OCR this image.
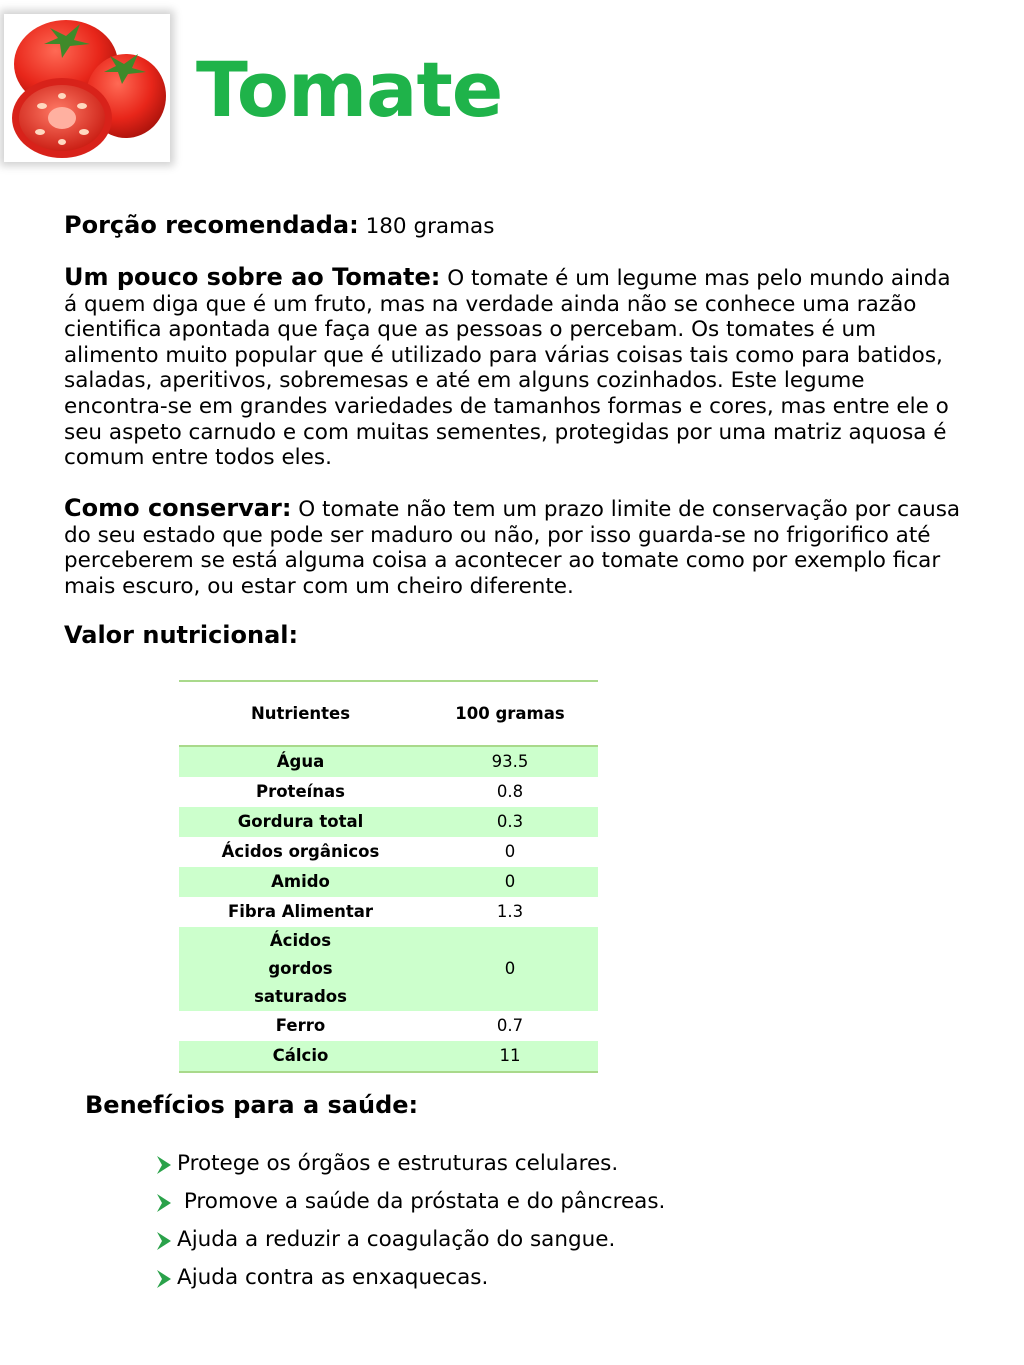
Tomate

Porção recomendada: 180 gramas

Um pouco sobre ao Tomate: O tomate é um legume mas pelo mundo ainda á quem diga que é um fruto, mas na verdade ainda não se conhece uma razão cientifica apontada que faça que as pessoas o percebam. Os tomates é um alimento muito popular que é utilizado para várias coisas tais como para batidos, saladas, aperitivos, sobremesas e até em alguns cozinhados. Este legume encontra-se em grandes variedades de tamanhos formas e cores, mas entre ele o seu aspeto carnudo e com muitas sementes, protegidas por uma matriz aquosa é comum entre todos eles.

Como conservar: O tomate não tem um prazo limite de conservação por causa do seu estado que pode ser maduro ou não, por isso guarda-se no frigorifico até perceberem se está alguma coisa a acontecer ao tomate como por exemplo ficar mais escuro, ou estar com um cheiro diferente.

Valor nutricional:
Nutrientes	100 gramas
Água	93.5
Proteínas	0.8
Gordura total	0.3
Ácidos orgânicos	0
Amido	0
Fibra Alimentar	1.3
Ácidos gordos saturados	0
Ferro	0.7
Cálcio	11
Benefícios para a saúde:
Protege os órgãos e estruturas celulares.
Promove a saúde da próstata e do pâncreas.
Ajuda a reduzir a coagulação do sangue.
Ajuda contra as enxaquecas.
